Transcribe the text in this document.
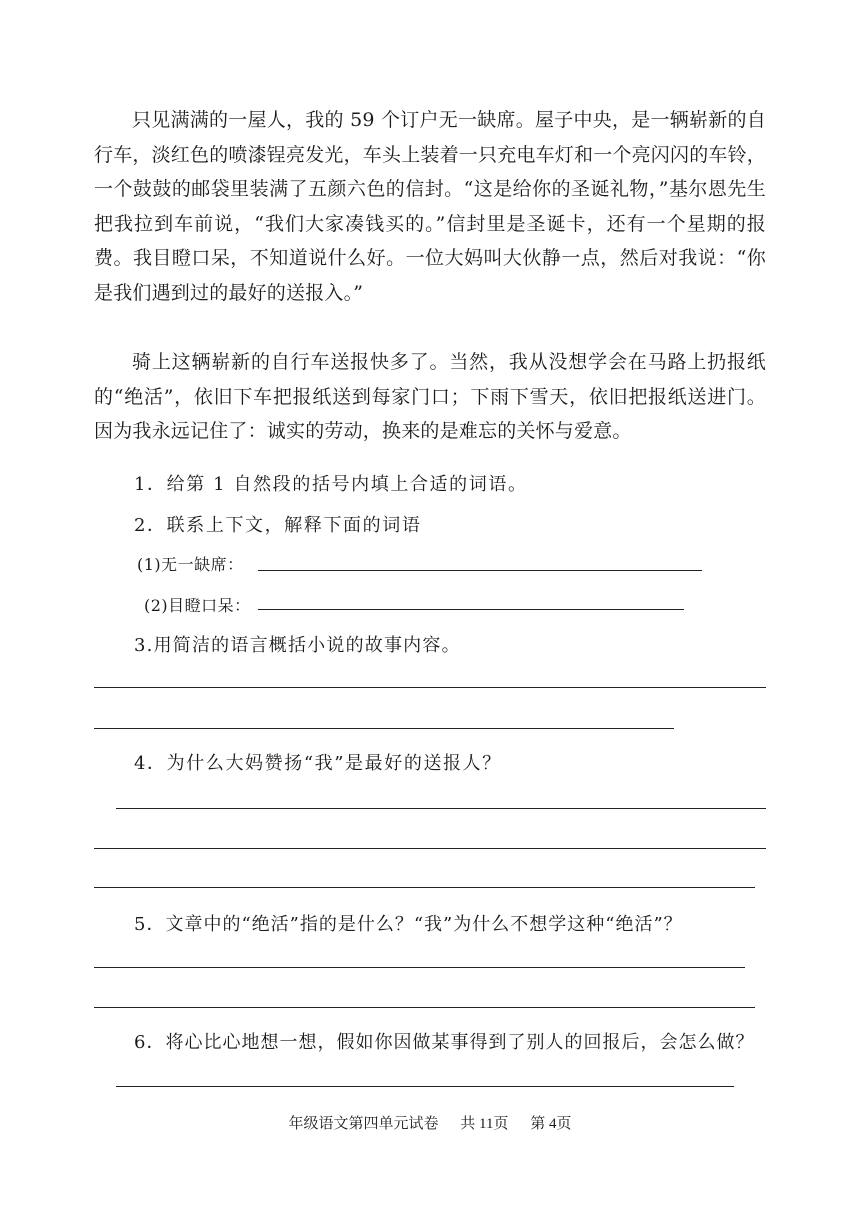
只见满满的一屋人，我的 59 个订户无一缺席。屋子中央，是一辆崭新的自行车，淡红色的喷漆锃亮发光，车头上装着一只充电车灯和一个亮闪闪的车铃，一个鼓鼓的邮袋里装满了五颜六色的信封。“这是给你的圣诞礼物，”基尔恩先生把我拉到车前说，“我们大家凑钱买的。”信封里是圣诞卡，还有一个星期的报费。我目瞪口呆，不知道说什么好。一位大妈叫大伙静一点，然后对我说：“你是我们遇到过的最好的送报入。”

骑上这辆崭新的自行车送报快多了。当然，我从没想学会在马路上扔报纸的“绝活”，依旧下车把报纸送到每家门口；下雨下雪天，依旧把报纸送进门。因为我永远记住了：诚实的劳动，换来的是难忘的关怀与爱意。

1．给第 1 自然段的括号内填上合适的词语。

2．联系上下文，解释下面的词语

(1)无一缺席：

(2)目瞪口呆：

3.用简洁的语言概括小说的故事内容。

4．为什么大妈赞扬“我”是最好的送报人？

5．文章中的“绝活”指的是什么？“我”为什么不想学这种“绝活”？

6．将心比心地想一想，假如你因做某事得到了别人的回报后，会怎么做？

年级语文第四单元试卷 共 11页 第 4页
